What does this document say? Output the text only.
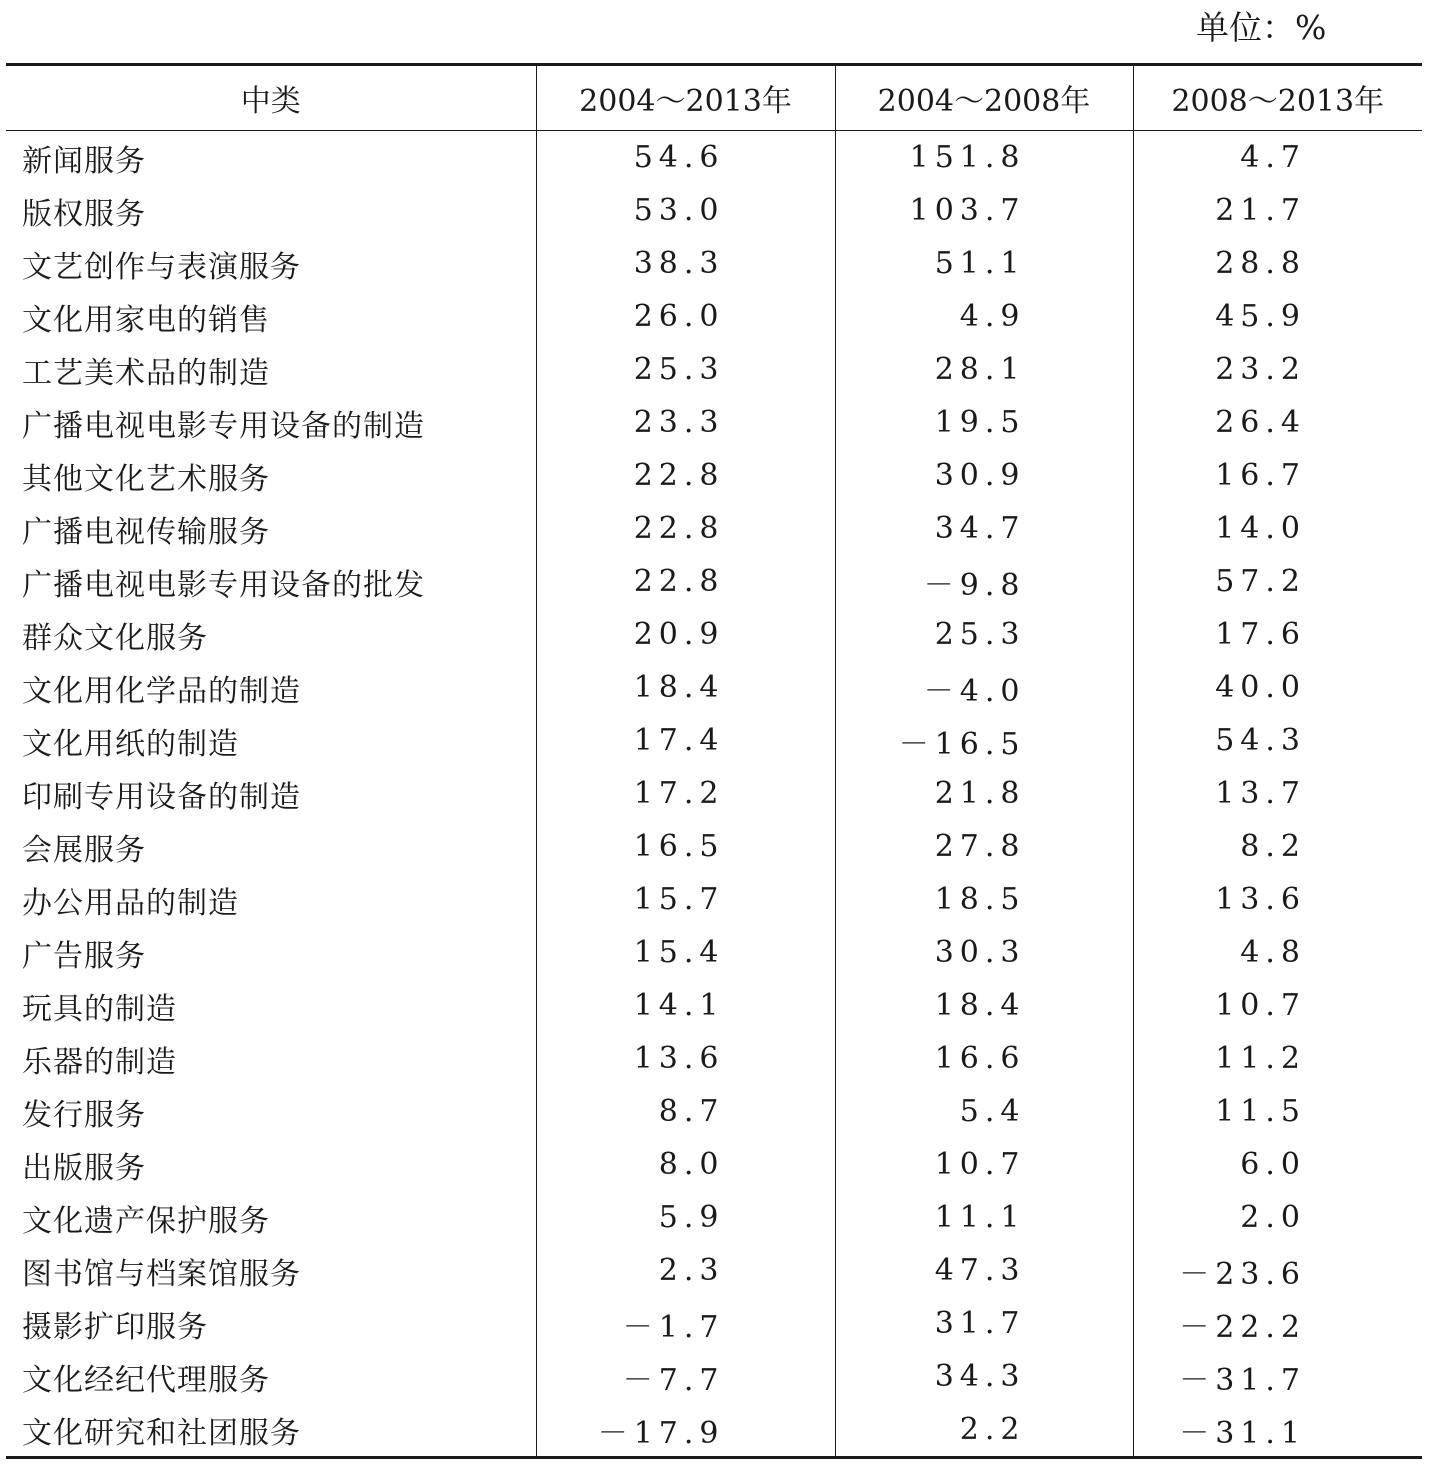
单位：%
中类	2004～2013年	2004～2008年	2008～2013年
新闻服务	54.6	151.8	4.7
版权服务	53.0	103.7	21.7
文艺创作与表演服务	38.3	51.1	28.8
文化用家电的销售	26.0	4.9	45.9
工艺美术品的制造	25.3	28.1	23.2
广播电视电影专用设备的制造	23.3	19.5	26.4
其他文化艺术服务	22.8	30.9	16.7
广播电视传输服务	22.8	34.7	14.0
广播电视电影专用设备的批发	22.8	－9.8	57.2
群众文化服务	20.9	25.3	17.6
文化用化学品的制造	18.4	－4.0	40.0
文化用纸的制造	17.4	－16.5	54.3
印刷专用设备的制造	17.2	21.8	13.7
会展服务	16.5	27.8	8.2
办公用品的制造	15.7	18.5	13.6
广告服务	15.4	30.3	4.8
玩具的制造	14.1	18.4	10.7
乐器的制造	13.6	16.6	11.2
发行服务	8.7	5.4	11.5
出版服务	8.0	10.7	6.0
文化遗产保护服务	5.9	11.1	2.0
图书馆与档案馆服务	2.3	47.3	－23.6
摄影扩印服务	－1.7	31.7	－22.2
文化经纪代理服务	－7.7	34.3	－31.7
文化研究和社团服务	－17.9	2.2	－31.1
